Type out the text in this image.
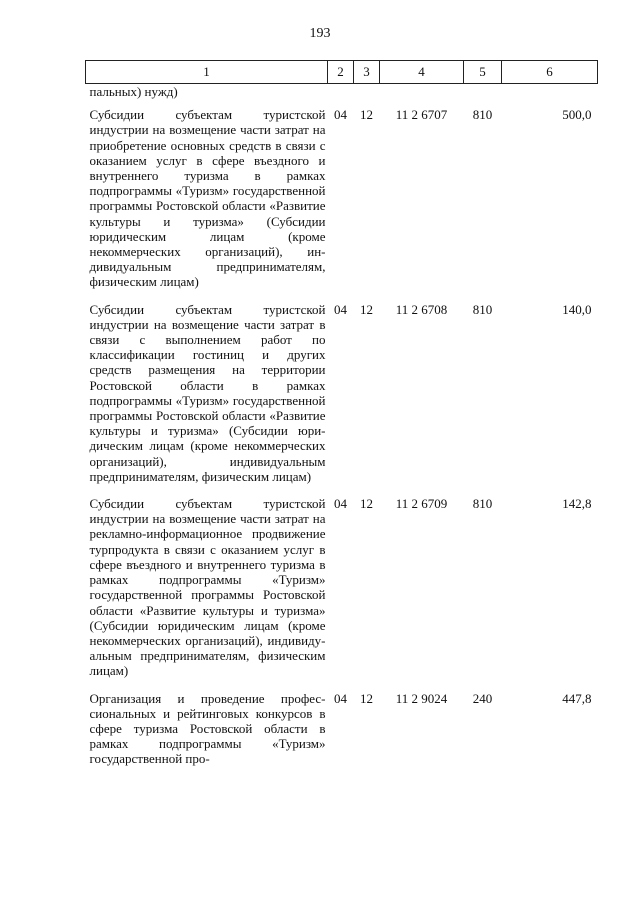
193
1	2	3	4	5	6
пальных) нужд)					
Субсидии субъектам туристской индустрии на возмещение части затрат на приобретение основных средств в связи с оказанием услуг в сфере въездного и внутреннего туризма в рамках подпрограммы «Туризм» государственной программы Ростовской области «Развитие культуры и туризма» (Субсидии юридическим лицам (кроме некоммерческих организаций), индивидуальным предпринимателям, физическим лицам)	04	12	11 2 6707	810	500,0
Субсидии субъектам туристской индустрии на возмещение части затрат в связи с выполнением работ по классификации гостиниц и других средств размещения на территории Ростовской области в рамках подпрограммы «Туризм» государственной программы Ростовской области «Развитие культуры и туризма» (Субсидии юридическим лицам (кроме некоммерческих организаций), индивидуальным предпринимателям, физическим лицам)	04	12	11 2 6708	810	140,0
Субсидии субъектам туристской индустрии на возмещение части затрат на рекламно-информационное продвижение турпродукта в связи с оказанием услуг в сфере въездного и внутреннего туризма в рамках подпрограммы «Туризм» государственной программы Ростовской области «Развитие культуры и туризма» (Субсидии юридическим лицам (кроме некоммерческих организаций), индивидуальным предпринимателям, физическим лицам)	04	12	11 2 6709	810	142,8
Организация и проведение профессиональных и рейтинговых конкурсов в сфере туризма Ростовской области в рамках подпрограммы «Туризм» государственной про-	04	12	11 2 9024	240	447,8
